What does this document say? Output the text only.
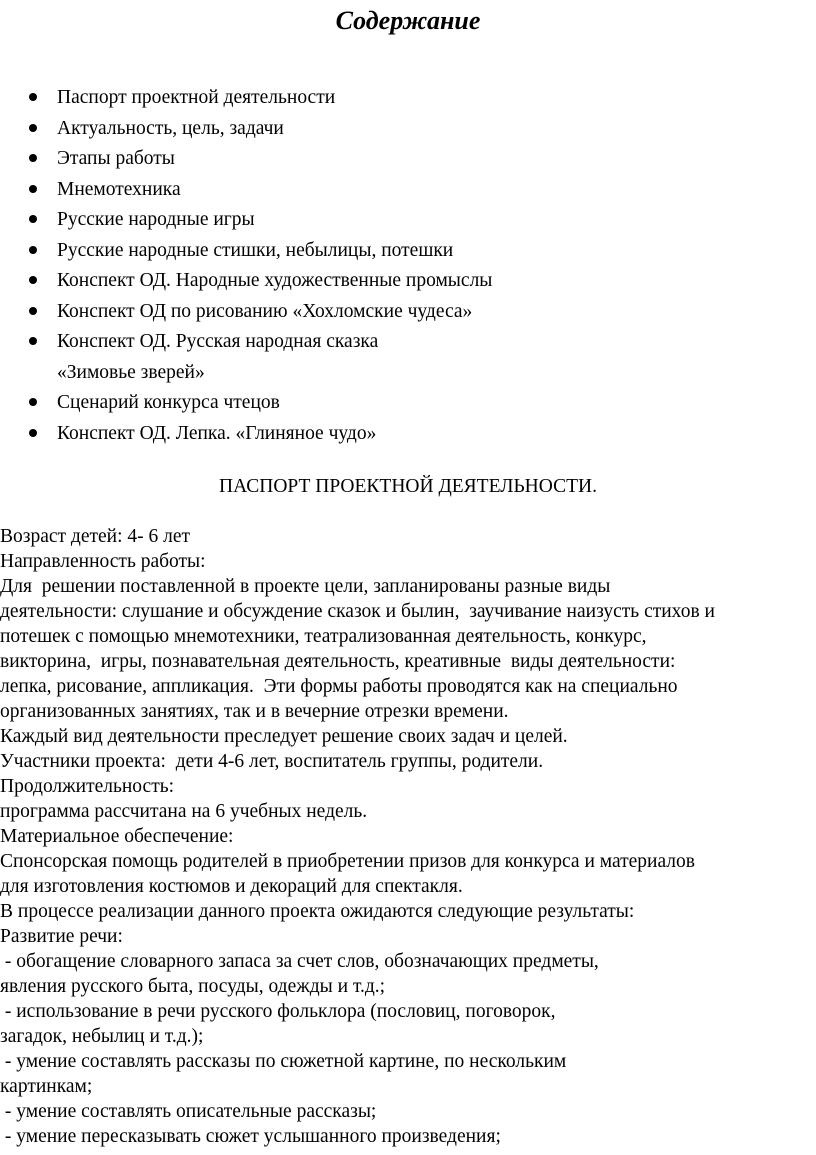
Содержание
Паспорт проектной деятельности
Актуальность, цель, задачи
Этапы работы
Мнемотехника
Русские народные игры
Русские народные стишки, небылицы, потешки
Конспект ОД. Народные художественные промыслы
Конспект ОД по рисованию «Хохломские чудеса»
Конспект ОД. Русская народная сказка
«Зимовье зверей»
Сценарий конкурса чтецов
Конспект ОД. Лепка. «Глиняное чудо»
ПАСПОРТ ПРОЕКТНОЙ ДЕЯТЕЛЬНОСТИ.
Возраст детей: 4- 6 лет
Направленность работы:
Для  решении поставленной в проекте цели, запланированы разные виды
деятельности: слушание и обсуждение сказок и былин,  заучивание наизусть стихов и
потешек с помощью мнемотехники, театрализованная деятельность, конкурс,
викторина,  игры, познавательная деятельность, креативные  виды деятельности:
лепка, рисование, аппликация.  Эти формы работы проводятся как на специально
организованных занятиях, так и в вечерние отрезки времени.
Каждый вид деятельности преследует решение своих задач и целей.
Участники проекта:  дети 4-6 лет, воспитатель группы, родители.
Продолжительность:
программа рассчитана на 6 учебных недель.
Материальное обеспечение:
Спонсорская помощь родителей в приобретении призов для конкурса и материалов
для изготовления костюмов и декораций для спектакля.
В процессе реализации данного проекта ожидаются следующие результаты:
Развитие речи:
- обогащение словарного запаса за счет слов, обозначающих предметы,
явления русского быта, посуды, одежды и т.д.;
- использование в речи русского фольклора (пословиц, поговорок,
загадок, небылиц и т.д.);
- умение составлять рассказы по сюжетной картине, по нескольким
картинкам;
- умение составлять описательные рассказы;
- умение пересказывать сюжет услышанного произведения;
